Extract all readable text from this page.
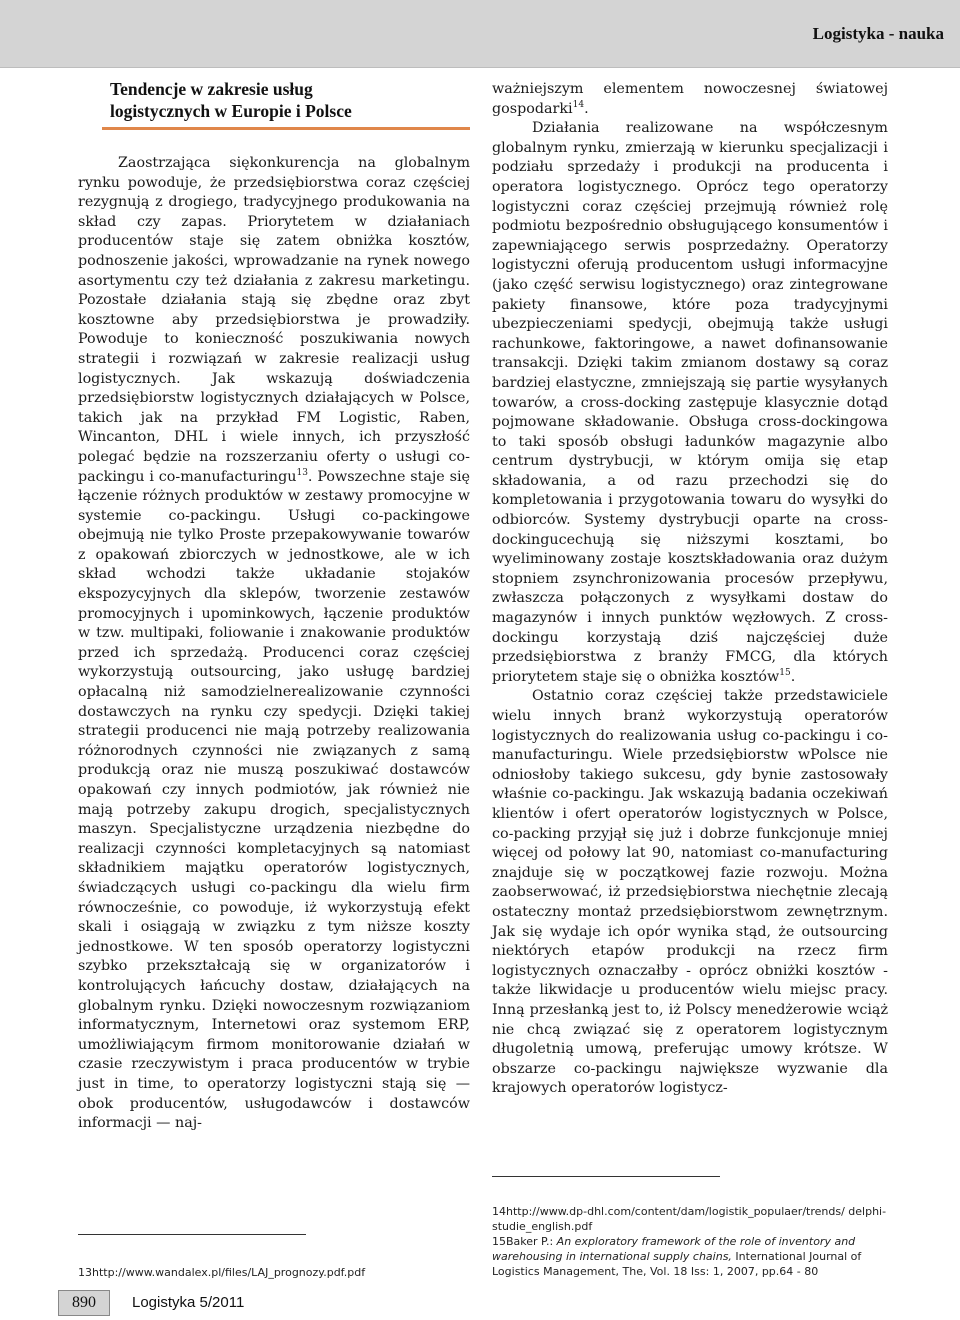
Logistyka - nauka
Tendencje w zakresie usług
logistycznych w Europie i Polsce

Zaostrzająca siękonkurencja na globalnym rynku powoduje, że przedsiębiorstwa coraz częściej rezygnują z drogiego, tradycyjnego produkowania na skład czy zapas. Priorytetem w działaniach producentów staje się zatem obniżka kosztów, podnoszenie jakości, wprowadzanie na rynek nowego asortymentu czy też działania z zakresu marketingu. Pozostałe działania stają się zbędne oraz zbyt kosztowne aby przedsiębiorstwa je prowadziły. Powoduje to konieczność poszukiwania nowych strategii i rozwiązań w zakresie realizacji usług logistycznych. Jak wskazują doświadczenia przedsiębiorstw logistycznych działających w Polsce, takich jak na przykład FM Logistic, Raben, Wincanton, DHL i wiele innych, ich przyszłość polegać będzie na rozszerzaniu oferty o usługi co-packingu i co-manufacturingu$^{13}$. Powszechne staje się łączenie różnych produktów w zestawy promocyjne w systemie co-packingu. Usługi co-packingowe obejmują nie tylko Proste przepakowywanie towarów z opakowań zbiorczych w jednostkowe, ale w ich skład wchodzi także układanie stojaków ekspozycyjnych dla sklepów, tworzenie zestawów promocyjnych i upominkowych, łączenie produktów w tzw. multipaki, foliowanie i znakowanie produktów przed ich sprzedażą. Producenci coraz częściej wykorzystują outsourcing, jako usługę bardziej opłacalną niż samodzielnerealizowanie czynności dostawczych na rynku czy spedycji. Dzięki takiej strategii producenci nie mają potrzeby realizowania różnorodnych czynności nie związanych z samą produkcją oraz nie muszą poszukiwać dostawców opakowań czy innych podmiotów, jak również nie mają potrzeby zakupu drogich, specjalistycznych maszyn. Specjalistyczne urządzenia niezbędne do realizacji czynności kompletacyjnych są natomiast składnikiem majątku operatorów logistycznych, świadczących usługi co-packingu dla wielu firm równocześnie, co powoduje, iż wykorzystują efekt skali i osiągają w związku z tym niższe koszty jednostkowe. W ten sposób operatorzy logistyczni szybko przekształcają się w organizatorów i kontrolujących łańcuchy dostaw, działających na globalnym rynku. Dzięki nowoczesnym rozwiązaniom informatycznym, Internetowi oraz systemom ERP, umożliwiającym firmom monitorowanie działań w czasie rzeczywistym i praca producentów w trybie just in time, to operatorzy logistyczni stają się — obok producentów, usługodawców i dostawców informacji — naj-

ważniejszym elementem nowoczesnej światowej gospodarki$^{14}$.

Działania realizowane na współczesnym globalnym rynku, zmierzają w kierunku specjalizacji i podziału sprzedaży i produkcji na producenta i operatora logistycznego. Oprócz tego operatorzy logistyczni coraz częściej przejmują również rolę podmiotu bezpośrednio obsługującego konsumentów i zapewniającego serwis posprzedażny. Operatorzy logistyczni oferują producentom usługi informacyjne (jako część serwisu logistycznego) oraz zintegrowane pakiety finansowe, które poza tradycyjnymi ubezpieczeniami spedycji, obejmują także usługi rachunkowe, faktoringowe, a nawet dofinansowanie transakcji. Dzięki takim zmianom dostawy są coraz bardziej elastyczne, zmniejszają się partie wysyłanych towarów, a cross-docking zastępuje klasycznie dotąd pojmowane składowanie. Obsługa cross-dockingowa to taki sposób obsługi ładunków magazynie albo centrum dystrybucji, w którym omija się etap składowania, a od razu przechodzi się do kompletowania i przygotowania towaru do wysyłki do odbiorców. Systemy dystrybucji oparte na cross-dockingucechują się niższymi kosztami, bo wyeliminowany zostaje kosztskładowania oraz dużym stopniem zsynchronizowania procesów przepływu, zwłaszcza połączonych z wysyłkami dostaw do magazynów i innych punktów węzłowych. Z cross-dockingu korzystają dziś najczęściej duże przedsiębiorstwa z branży FMCG, dla których priorytetem staje się o obniżka kosztów$^{15}$.

Ostatnio coraz częściej także przedstawiciele wielu innych branż wykorzystują operatorów logistycznych do realizowania usług co-packingu i co-manufacturingu. Wiele przedsiębiorstw wPolsce nie odniosłoby takiego sukcesu, gdy bynie zastosowały właśnie co-packingu. Jak wskazują badania oczekiwań klientów i ofert operatorów logistycznych w Polsce, co-packing przyjął się już i dobrze funkcjonuje mniej więcej od połowy lat 90, natomiast co-manufacturing znajduje się w początkowej fazie rozwoju. Można zaobserwować, iż przedsiębiorstwa niechętnie zlecają ostateczny montaż przedsiębiorstwom zewnętrznym. Jak się wydaje ich opór wynika stąd, że outsourcing niektórych etapów produkcji na rzecz firm logistycznych oznaczałby - oprócz obniżki kosztów - także likwidacje u producentów wielu miejsc pracy. Inną przesłanką jest to, iż Polscy menedżerowie wciąż nie chcą związać się z operatorem logistycznym długoletnią umową, preferując umowy krótsze. W obszarze co-packingu największe wyzwanie dla krajowych operatorów logistycz-

14http://www.dp-dhl.com/content/dam/logistik_populaer/trends/ delphi-studie_english.pdf

15Baker P.: An exploratory framework of the role of inventory and warehousing in international supply chains, International Journal of Logistics Management, The, Vol. 18 Iss: 1, 2007, pp.64 - 80

13http://www.wandalex.pl/files/LAJ_prognozy.pdf.pdf
890	Logistyka 5/2011
